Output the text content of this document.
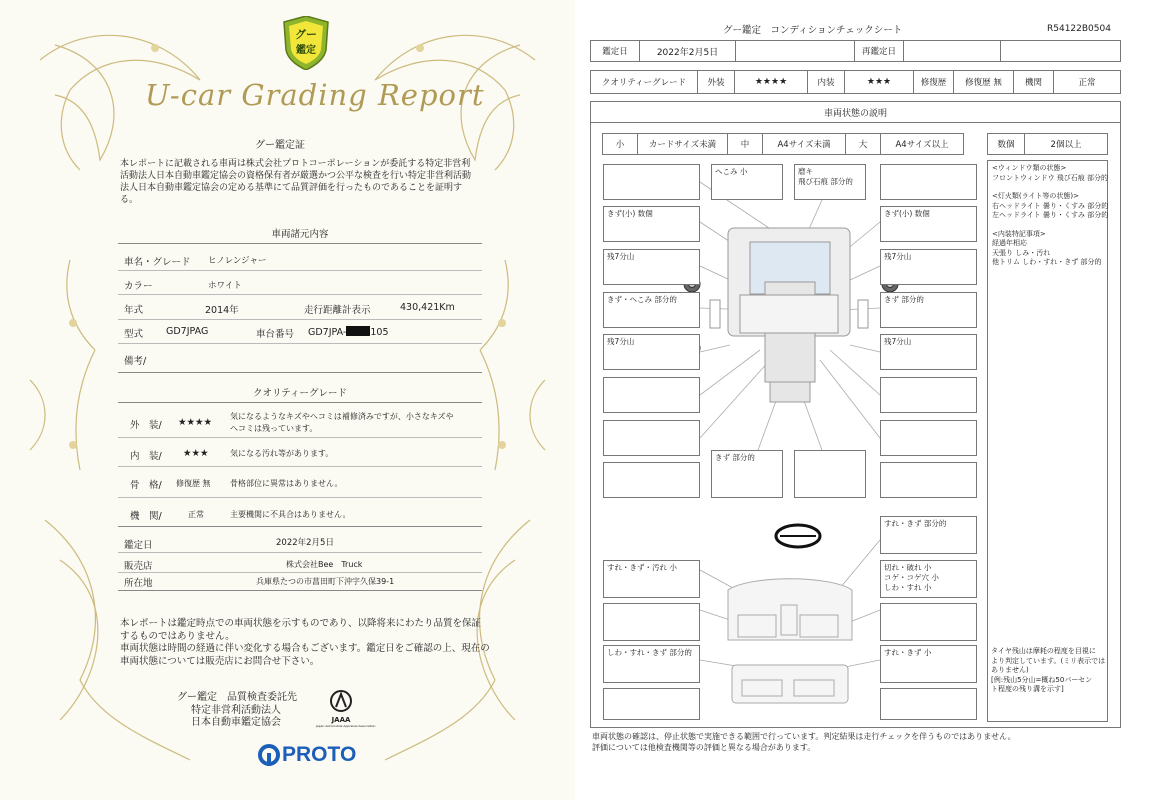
グー
鑑定
U-car Grading Report
グー鑑定証
本レポートに記載される車両は株式会社プロトコーポレーションが委託する特定非営利活動法人日本自動車鑑定協会の資格保有者が厳選かつ公平な検査を行い特定非営利活動法人日本自動車鑑定協会の定める基準にて品質評価を行ったものであることを証明する。
車両諸元内容
車名・グレード ヒノレンジャー
カラー	ホワイト
年式	2014年	走行距離計表示	430,421Km
型式 GD7JPAG	車台番号 GD7JPA-	105
備考/
クオリティーグレード
外　装/ ★★★★
気になるようなキズやヘコミは補修済みですが、小さなキズや
ヘコミは残っています。
内　装/ ★★★	気になる汚れ等があります。
骨　格/ 修復歴 無 骨格部位に異常はありません。
機　関/	正常	主要機関に不具合はありません。
鑑定日	2022年2月5日
販売店	株式会社Bee　Truck
所在地	兵庫県たつの市菖田町下沖字久保39-1
本レポートは鑑定時点での車両状態を示すものであり、以降将来にわたり品質を保証するものではありません。
車両状態は時間の経過に伴い変化する場合もございます。鑑定日をご確認の上、現在の車両状態については販売店にお問合せ下さい。
グー鑑定　品質検査委託先
特定非営利活動法人
日本自動車鑑定協会	JAAA
Japan Automobile Appraisal Association
PROTO
グー鑑定　コンディションチェックシート	R54122B0504
鑑定日	2022年2月5日	再鑑定日
クオリティーグレード	外装	★★★★	内装	★★★	修復歴	修復歴 無	機関	正常
車両状態の説明
小	カードサイズ未満	中	A4サイズ未満	大	A4サイズ以上	数個	2個以上
<ウィンドウ類の状態>
フロントウィンドウ 飛び石痕 部分的
<灯火類(ライト等の状態)>
右ヘッドライト 曇り・くすみ 部分的
左ヘッドライト 曇り・くすみ 部分的
<内装特記事項>
経過年相応
天張り しみ・汚れ
他トリム しわ・すれ・きず 部分的
タイヤ残山は摩耗の程度を目視に
より判定しています。(ミリ表示では
ありません)
[例:残山5分山=概ね50パーセン
ト程度の残り溝を示す]
きず(小) 数個
残7分山
きず・へこみ 部分的
残7分山
きず(小) 数個
残7分山
きず 部分的
残7分山
へこみ 小	磨キ
飛び石痕 部分的
きず 部分的
すれ・きず 部分的
すれ・きず・汚れ 小	切れ・破れ 小
コゲ・コゲ穴 小
しわ・すれ 小
しわ・すれ・きず 部分的	すれ・きず 小
車両状態の確認は、停止状態で実施できる範囲で行っています。判定結果は走行チェックを伴うものではありません。
評価については他検査機関等の評価と異なる場合があります。
